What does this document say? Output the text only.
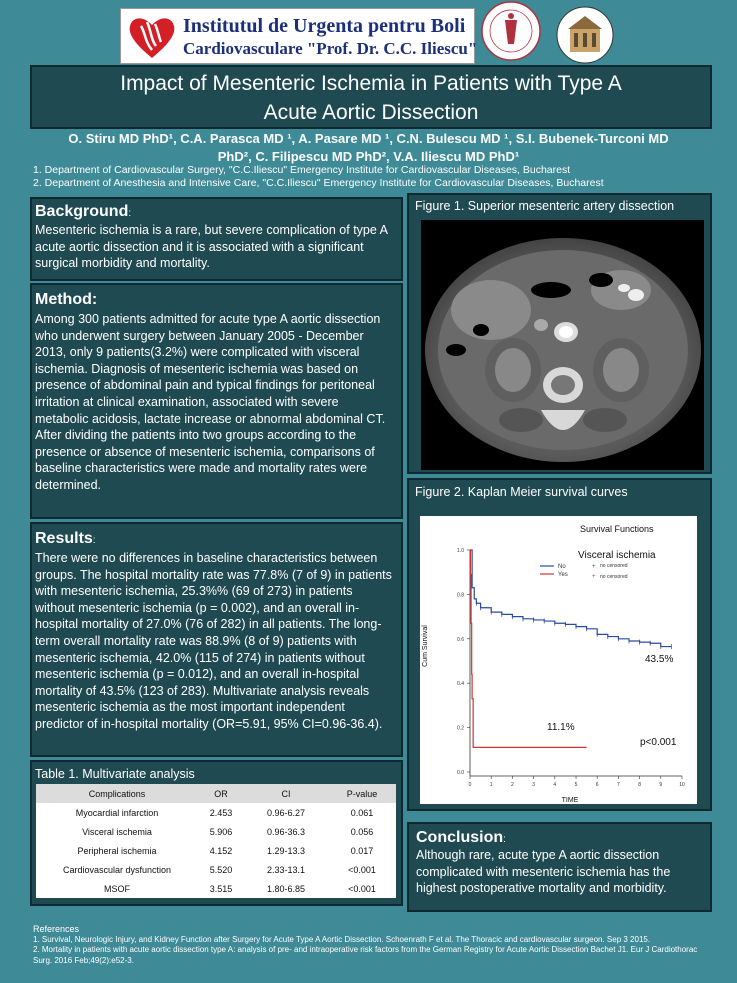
Institutul de Urgenta pentru Boli
Cardiovasculare "Prof. Dr. C.C. Iliescu"
Impact of Mesenteric Ischemia in Patients with Type A
Acute Aortic Dissection
O. Stiru MD PhD¹, C.A. Parasca MD ¹, A. Pasare MD ¹, C.N. Bulescu MD ¹, S.I. Bubenek-Turconi MD
PhD², C. Filipescu MD PhD², V.A. Iliescu MD PhD¹
1. Department of Cardiovascular Surgery, "C.C.Iliescu" Emergency Institute for Cardiovascular Diseases, Bucharest
2. Department of Anesthesia and Intensive Care, "C.C.Iliescu" Emergency Institute for Cardiovascular Diseases, Bucharest
Background:
Mesenteric ischemia is a rare, but severe complication of type A acute aortic dissection and it is associated with a significant surgical morbidity and mortality.
Method:
Among 300 patients admitted for acute type A aortic dissection who underwent surgery between January 2005 - December 2013, only 9 patients(3.2%) were complicated with visceral ischemia. Diagnosis of mesenteric ischemia was based on presence of abdominal pain and typical findings for peritoneal irritation at clinical examination, associated with severe metabolic acidosis, lactate increase or abnormal abdominal CT. After dividing the patients into two groups according to the presence or absence of mesenteric ischemia, comparisons of baseline characteristics were made and mortality rates were determined.
Results:
There were no differences in baseline characteristics between groups. The hospital mortality rate was 77.8% (7 of 9) in patients with mesenteric ischemia, 25.3%% (69 of 273) in patients without mesenteric ischemia (p = 0.002), and an overall in-hospital mortality of 27.0% (76 of 282) in all patients. The long-term overall mortality rate was 88.9% (8 of 9) patients with mesenteric ischemia, 42.0% (115 of 274) in patients without mesenteric ischemia (p = 0.012), and an overall in-hospital mortality of 43.5% (123 of 283). Multivariate analysis reveals mesenteric ischemia as the most important independent predictor of in-hospital mortality (OR=5.91, 95% CI=0.96-36.4).
Table 1. Multivariate analysis
Complications	OR	CI	P-value
Myocardial infarction	2.453	0.96-6.27	0.061
Visceral ischemia	5.906	0.96-36.3	0.056
Peripheral ischemia	4.152	1.29-13.3	0.017
Cardiovascular dysfunction	5.520	2.33-13.1	<0.001
MSOF	3.515	1.80-6.85	<0.001
Figure 1. Superior mesenteric artery dissection
Figure 2. Kaplan Meier survival curves
Survival Functions
Visceral ischemia
Cum Survival
TIME
43.5%
11.1%
p<0.001
0.0
0.2
0.4
0.6
0.8
1.0
0	1	2	3	4	5	6	7	8	9	10
No
Yes
+
+
no censored
no censored
Conclusion:
Although rare, acute type A aortic dissection complicated with mesenteric ischemia has the highest postoperative mortality and morbidity.
References
1. Survival, Neurologic Injury, and Kidney Function after Surgery for Acute Type A Aortic Dissection. Schoenrath F et al. The Thoracic and cardiovascular surgeon. Sep 3 2015.
2. Mortality in patients with acute aortic dissection type A: analysis of pre- and intraoperative risk factors from the German Registry for Acute Aortic Dissection Bachet J1. Eur J Cardiothorac
Surg. 2016 Feb;49(2):e52-3.
